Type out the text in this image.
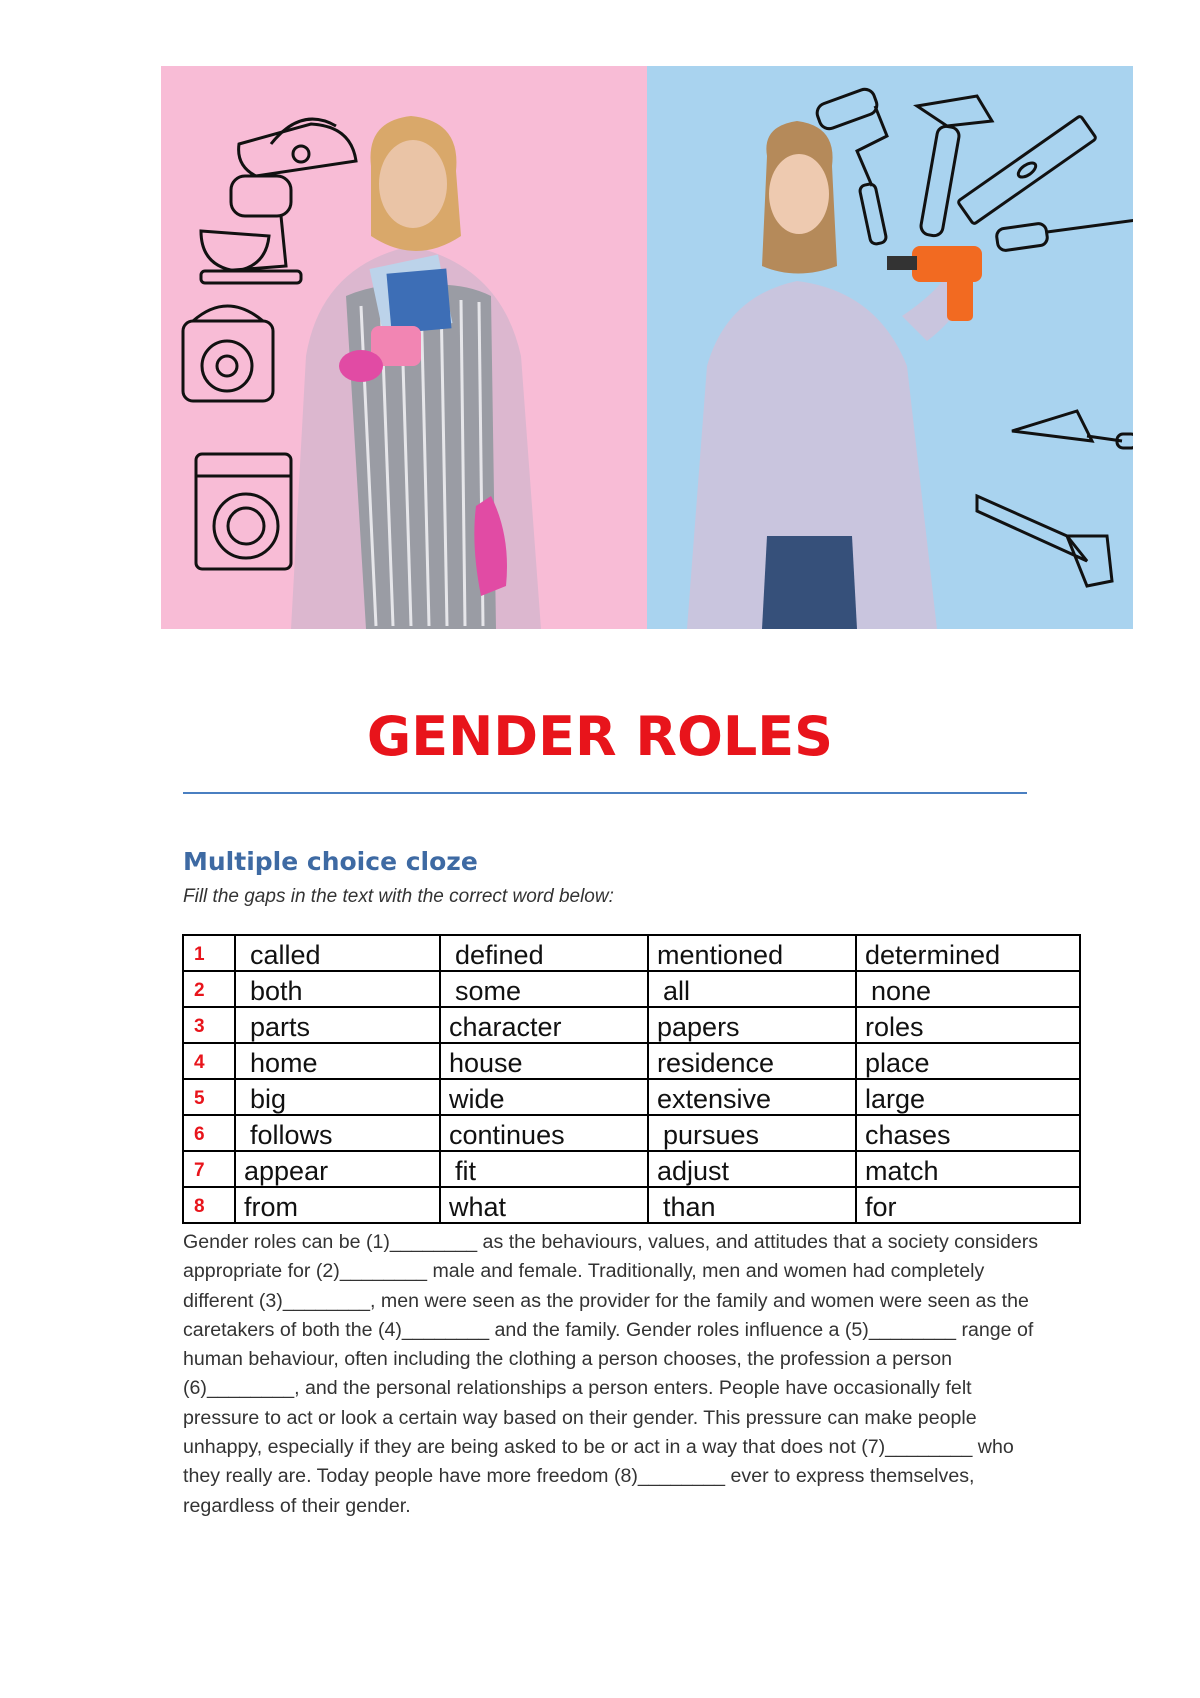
GENDER ROLES
Multiple choice cloze

Fill the gaps in the text with the correct word below:

1	called	defined	mentioned	determined

2	both	some	all	none

3	parts	character	papers	roles

4	home	house	residence	place

5	big	wide	extensive	large

6	follows	continues	pursues	chases

7	appear	fit	adjust	match

8	from	what	than	for

Gender roles can be (1)________ as the behaviours, values, and attitudes that a society considers appropriate for (2)________ male and female. Traditionally, men and women had completely different (3)________, men were seen as the provider for the family and women were seen as the caretakers of both the (4)________ and the family. Gender roles influence a (5)________ range of human behaviour, often including the clothing a person chooses, the profession a person (6)________, and the personal relationships a person enters. People have occasionally felt pressure to act or look a certain way based on their gender. This pressure can make people unhappy, especially if they are being asked to be or act in a way that does not (7)________ who they really are. Today people have more freedom (8)________ ever to express themselves, regardless of their gender.
